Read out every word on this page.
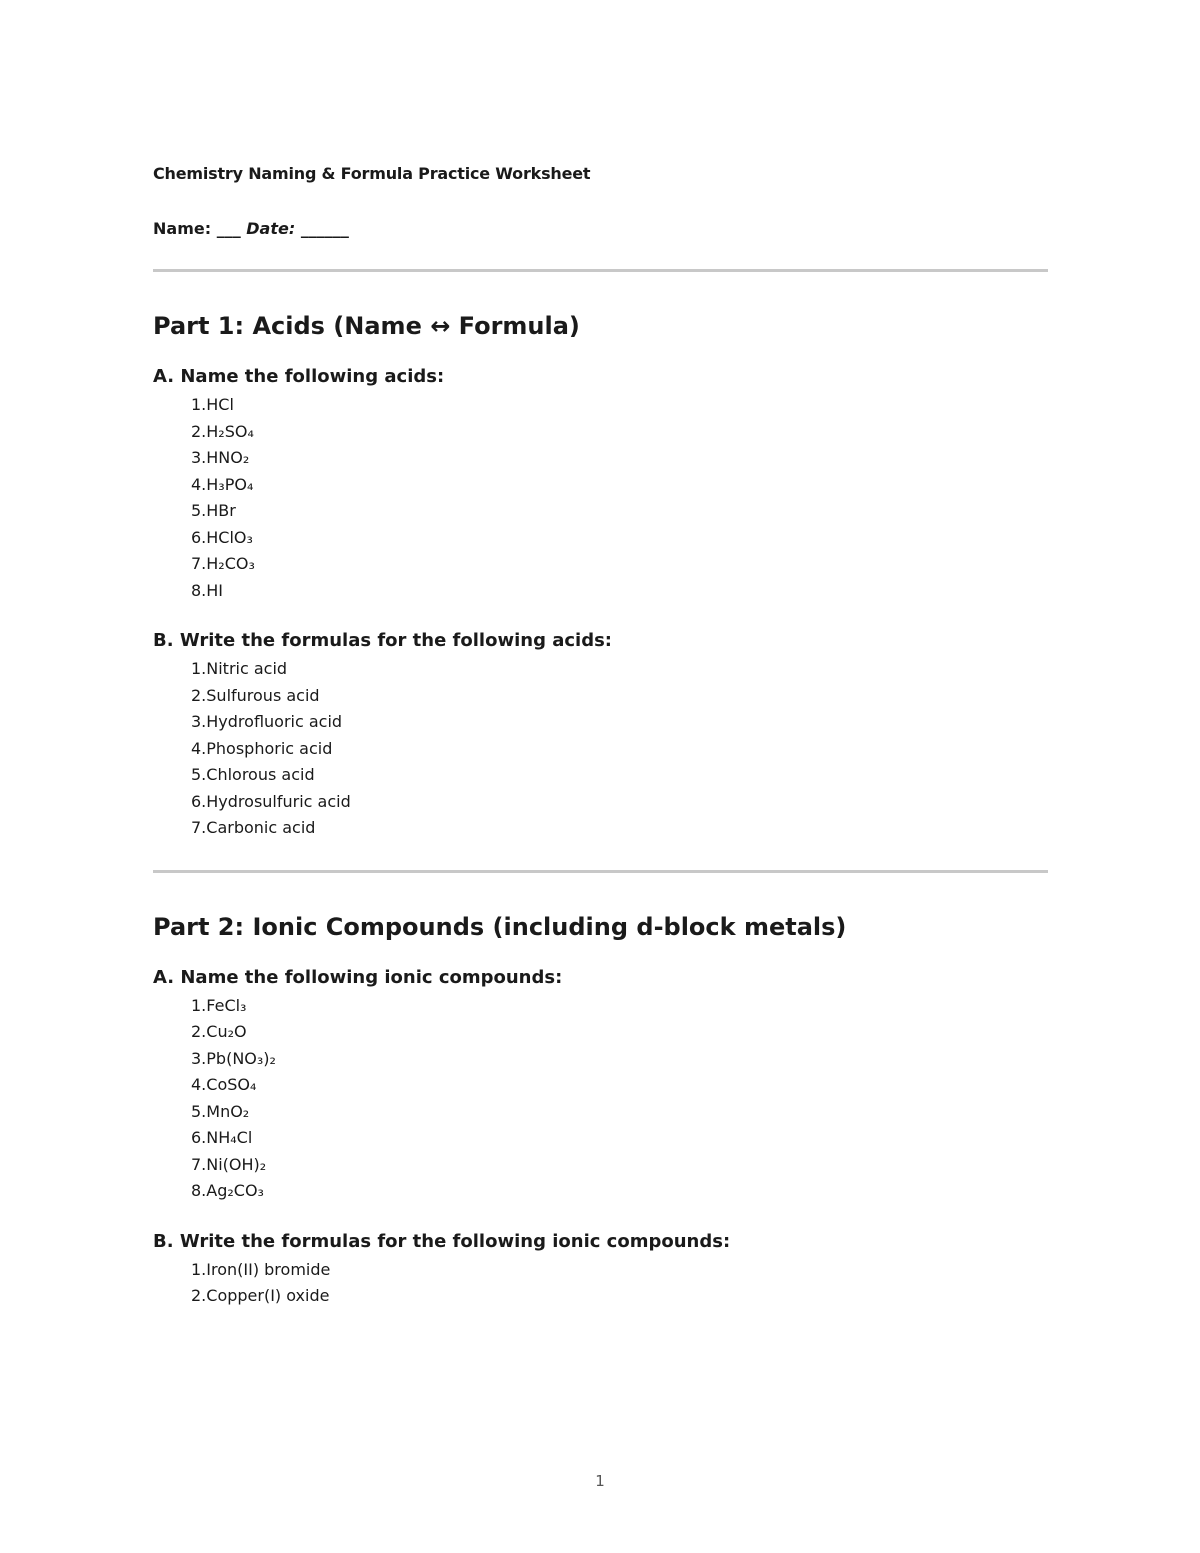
Chemistry Naming & Formula Practice Worksheet
Name: ___ Date: ______
Part 1: Acids (Name ↔ Formula)
A. Name the following acids:
1.HCl
2.H₂SO₄
3.HNO₂
4.H₃PO₄
5.HBr
6.HClO₃
7.H₂CO₃
8.HI
B. Write the formulas for the following acids:
1.Nitric acid
2.Sulfurous acid
3.Hydrofluoric acid
4.Phosphoric acid
5.Chlorous acid
6.Hydrosulfuric acid
7.Carbonic acid
Part 2: Ionic Compounds (including d-block metals)
A. Name the following ionic compounds:
1.FeCl₃
2.Cu₂O
3.Pb(NO₃)₂
4.CoSO₄
5.MnO₂
6.NH₄Cl
7.Ni(OH)₂
8.Ag₂CO₃
B. Write the formulas for the following ionic compounds:
1.Iron(II) bromide
2.Copper(I) oxide
1
